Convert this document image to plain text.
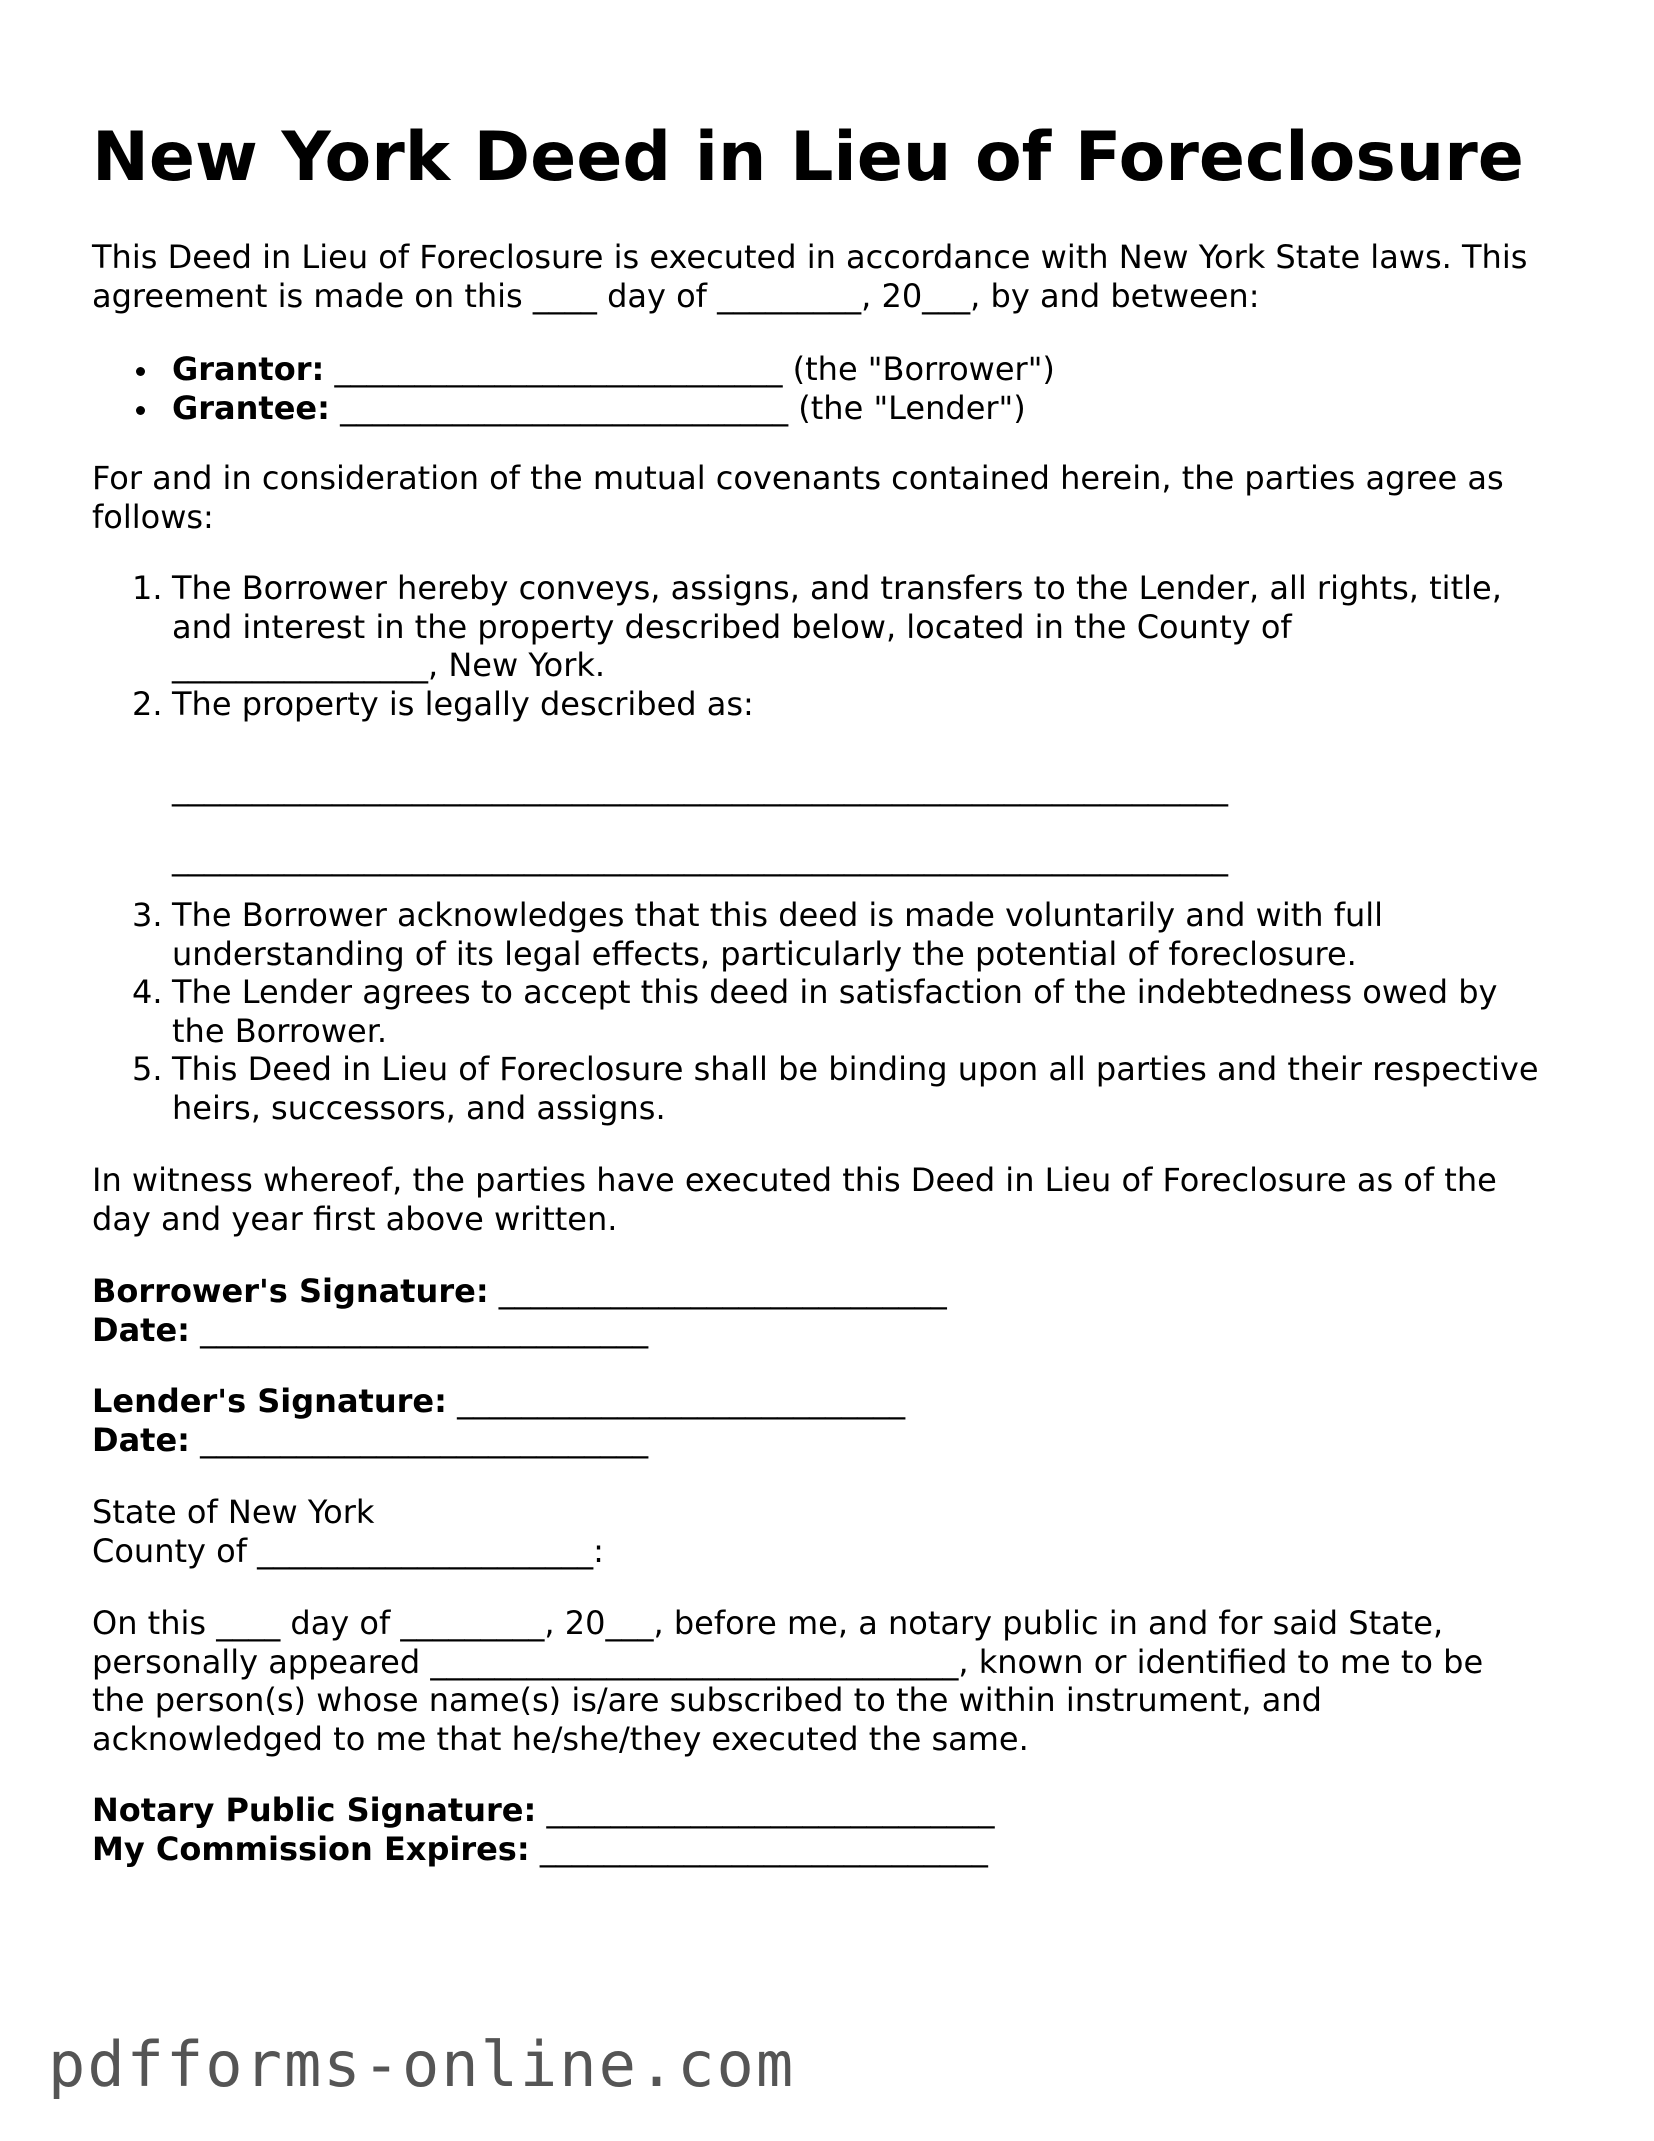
New York Deed in Lieu of Foreclosure

This Deed in Lieu of Foreclosure is executed in accordance with New York State laws. This

agreement is made on this ____ day of _________, 20___, by and between:

Grantor: ____________________________ (the "Borrower")
Grantee: ____________________________ (the "Lender")

For and in consideration of the mutual covenants contained herein, the parties agree as

follows:

1. The Borrower hereby conveys, assigns, and transfers to the Lender, all rights, title,
and interest in the property described below, located in the County of
________________, New York.
2. The property is legally described as:
__________________________________________________________________
__________________________________________________________________
3. The Borrower acknowledges that this deed is made voluntarily and with full
understanding of its legal effects, particularly the potential of foreclosure.
4. The Lender agrees to accept this deed in satisfaction of the indebtedness owed by
the Borrower.
5. This Deed in Lieu of Foreclosure shall be binding upon all parties and their respective
heirs, successors, and assigns.

In witness whereof, the parties have executed this Deed in Lieu of Foreclosure as of the

day and year first above written.

Borrower's Signature: ____________________________

Date: ____________________________

Lender's Signature: ____________________________

Date: ____________________________

State of New York

County of _____________________:

On this ____ day of _________, 20___, before me, a notary public in and for said State,

personally appeared _________________________________, known or identified to me to be

the person(s) whose name(s) is/are subscribed to the within instrument, and

acknowledged to me that he/she/they executed the same.

Notary Public Signature: ____________________________

My Commission Expires: ____________________________

pdfforms-online.com
